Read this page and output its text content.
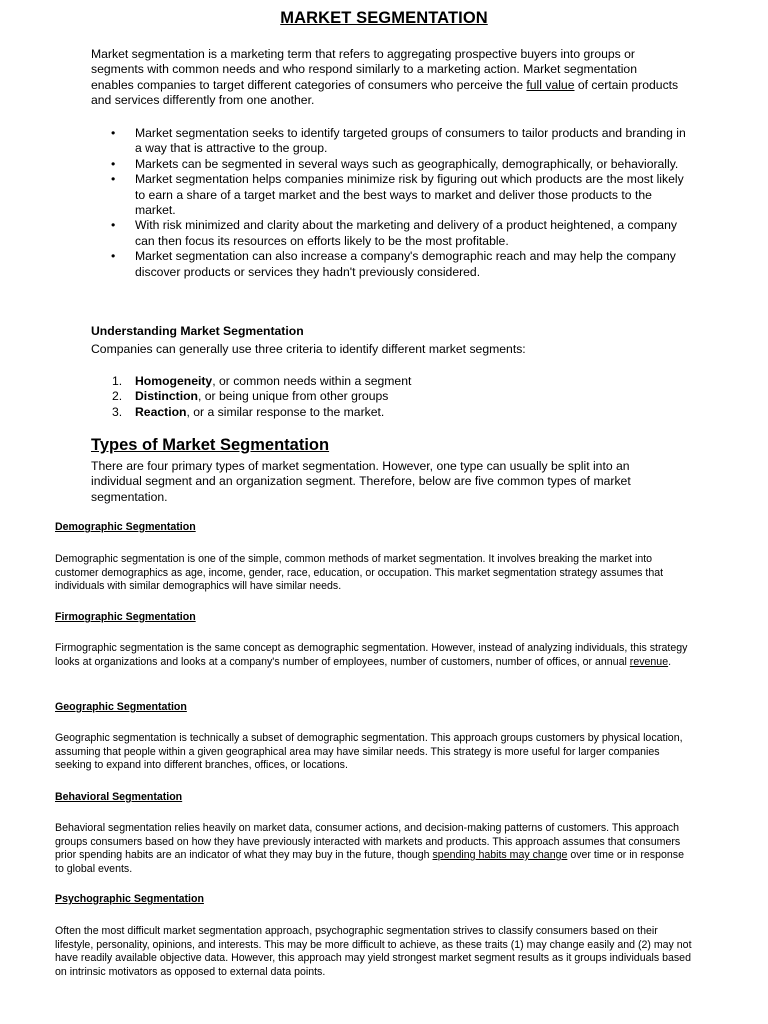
MARKET SEGMENTATION

Market segmentation is a marketing term that refers to aggregating prospective buyers into groups or segments with common needs and who respond similarly to a marketing action. Market segmentation enables companies to target different categories of consumers who perceive the full value of certain products and services differently from one another.

• Market segmentation seeks to identify targeted groups of consumers to tailor products and branding in a way that is attractive to the group.
• Markets can be segmented in several ways such as geographically, demographically, or behaviorally.
• Market segmentation helps companies minimize risk by figuring out which products are the most likely to earn a share of a target market and the best ways to market and deliver those products to the market.
• With risk minimized and clarity about the marketing and delivery of a product heightened, a company can then focus its resources on efforts likely to be the most profitable.
• Market segmentation can also increase a company's demographic reach and may help the company discover products or services they hadn't previously considered.
Understanding Market Segmentation

Companies can generally use three criteria to identify different market segments:

1. Homogeneity, or common needs within a segment
2. Distinction, or being unique from other groups
3. Reaction, or a similar response to the market.
Types of Market Segmentation

There are four primary types of market segmentation. However, one type can usually be split into an individual segment and an organization segment. Therefore, below are five common types of market segmentation.

Demographic Segmentation

Demographic segmentation is one of the simple, common methods of market segmentation. It involves breaking the market into customer demographics as age, income, gender, race, education, or occupation. This market segmentation strategy assumes that individuals with similar demographics will have similar needs.

Firmographic Segmentation

Firmographic segmentation is the same concept as demographic segmentation. However, instead of analyzing individuals, this strategy looks at organizations and looks at a company's number of employees, number of customers, number of offices, or annual revenue.

Geographic Segmentation

Geographic segmentation is technically a subset of demographic segmentation. This approach groups customers by physical location, assuming that people within a given geographical area may have similar needs. This strategy is more useful for larger companies seeking to expand into different branches, offices, or locations.

Behavioral Segmentation

Behavioral segmentation relies heavily on market data, consumer actions, and decision-making patterns of customers. This approach groups consumers based on how they have previously interacted with markets and products. This approach assumes that consumers prior spending habits are an indicator of what they may buy in the future, though spending habits may change over time or in response to global events.

Psychographic Segmentation

Often the most difficult market segmentation approach, psychographic segmentation strives to classify consumers based on their lifestyle, personality, opinions, and interests. This may be more difficult to achieve, as these traits (1) may change easily and (2) may not have readily available objective data. However, this approach may yield strongest market segment results as it groups individuals based on intrinsic motivators as opposed to external data points.
